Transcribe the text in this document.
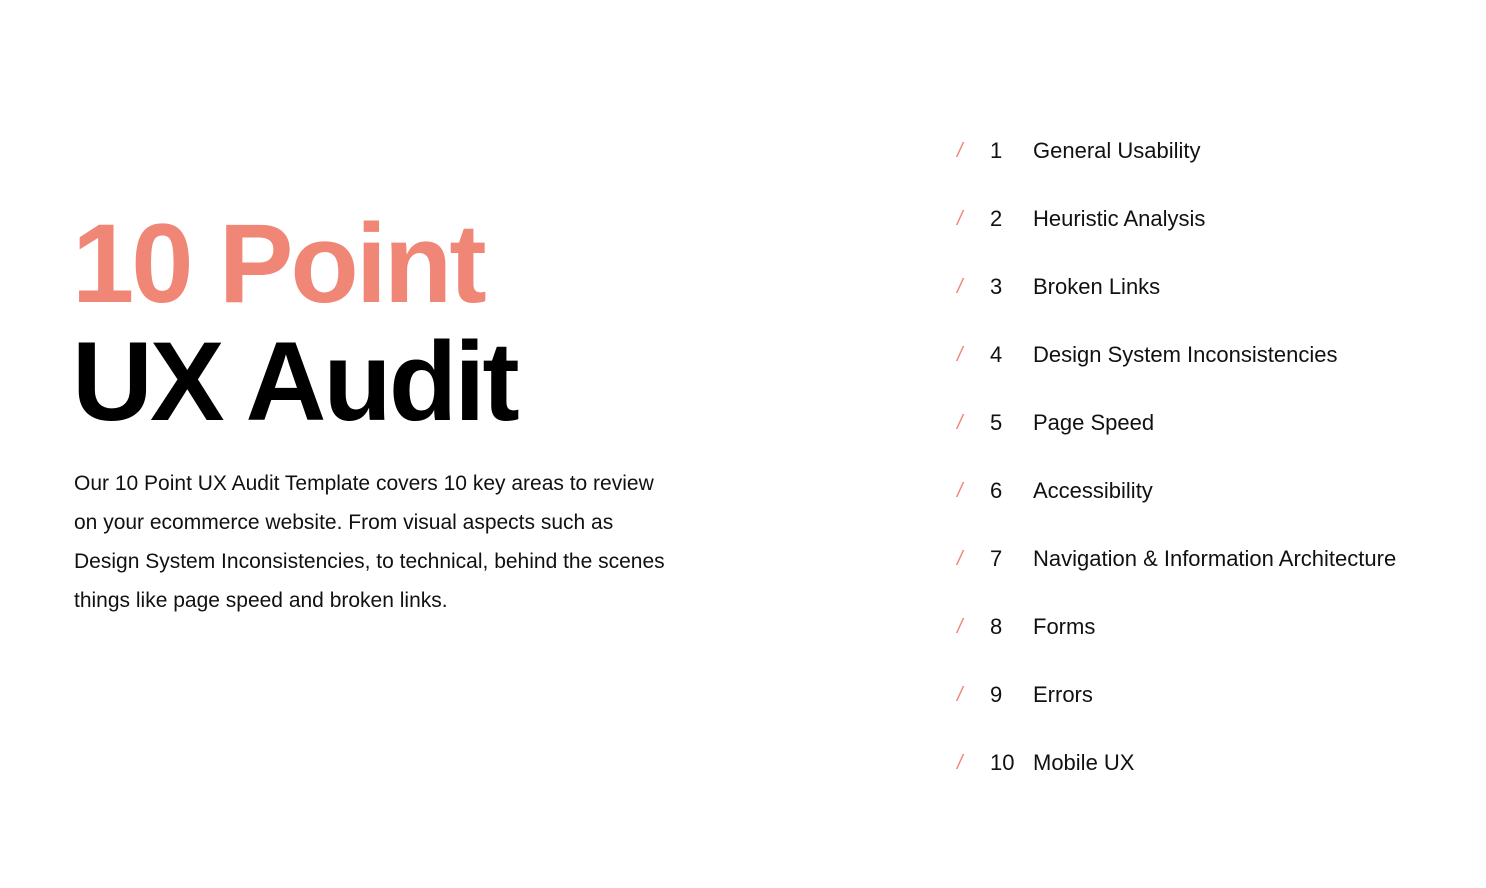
10 Point
UX Audit

Our 10 Point UX Audit Template covers 10 key areas to review on your ecommerce website. From visual aspects such as Design System Inconsistencies, to technical, behind the scenes things like page speed and broken links.

/	1	General Usability
/	2	Heuristic Analysis
/	3	Broken Links
/	4	Design System Inconsistencies
/	5	Page Speed
/	6	Accessibility
/	7	Navigation & Information Architecture
/	8	Forms
/	9	Errors
/	10 Mobile UX
